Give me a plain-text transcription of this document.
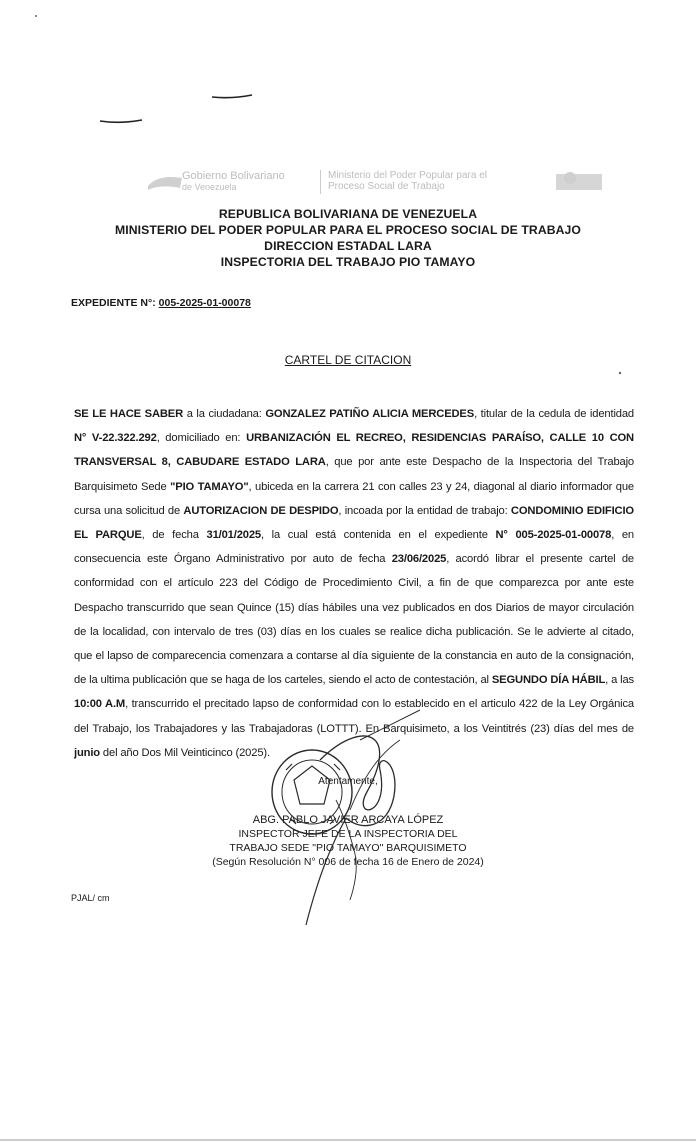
Gobierno Bolivariano
de Venezuela
Ministerio del Poder Popular para el
Proceso Social de Trabajo
REPUBLICA BOLIVARIANA DE VENEZUELA
MINISTERIO DEL PODER POPULAR PARA EL PROCESO SOCIAL DE TRABAJO
DIRECCION ESTADAL LARA
INSPECTORIA DEL TRABAJO PIO TAMAYO
EXPEDIENTE N°: 005-2025-01-00078
CARTEL DE CITACION
SE LE HACE SABER a la ciudadana: GONZALEZ PATIÑO ALICIA MERCEDES, titular de la cedula de identidad N° V-22.322.292, domiciliado en: URBANIZACIÓN EL RECREO, RESIDENCIAS PARAÍSO, CALLE 10 CON TRANSVERSAL 8, CABUDARE ESTADO LARA, que por ante este Despacho de la Inspectoria del Trabajo Barquisimeto Sede "PIO TAMAYO", ubiceda en la carrera 21 con calles 23 y 24, diagonal al diario informador que cursa una solicitud de AUTORIZACION DE DESPIDO, incoada por la entidad de trabajo: CONDOMINIO EDIFICIO EL PARQUE, de fecha 31/01/2025, la cual está contenida en el expediente N° 005-2025-01-00078, en consecuencia este Órgano Administrativo por auto de fecha 23/06/2025, acordó librar el presente cartel de conformidad con el artículo 223 del Código de Procedimiento Civil, a fin de que comparezca por ante este Despacho transcurrido que sean Quince (15) días hábiles una vez publicados en dos Diarios de mayor circulación de la localidad, con intervalo de tres (03) días en los cuales se realice dicha publicación. Se le advierte al citado, que el lapso de comparecencia comenzara a contarse al día siguiente de la constancia en auto de la consignación, de la ultima publicación que se haga de los carteles, siendo el acto de contestación, al SEGUNDO DÍA HÁBIL, a las 10:00 A.M, transcurrido el precitado lapso de conformidad con lo establecido en el articulo 422 de la Ley Orgánica del Trabajo, los Trabajadores y las Trabajadoras (LOTTT). En Barquisimeto, a los Veintitrés (23) días del mes de junio del año Dos Mil Veinticinco (2025).
Atentamente,
ABG. PABLO JAVIER ARCAYA LÓPEZ
INSPECTOR JEFE DE LA INSPECTORIA DEL
TRABAJO SEDE "PIO TAMAYO" BARQUISIMETO
(Según Resolución N° 006 de fecha 16 de Enero de 2024)
PJAL/ cm
